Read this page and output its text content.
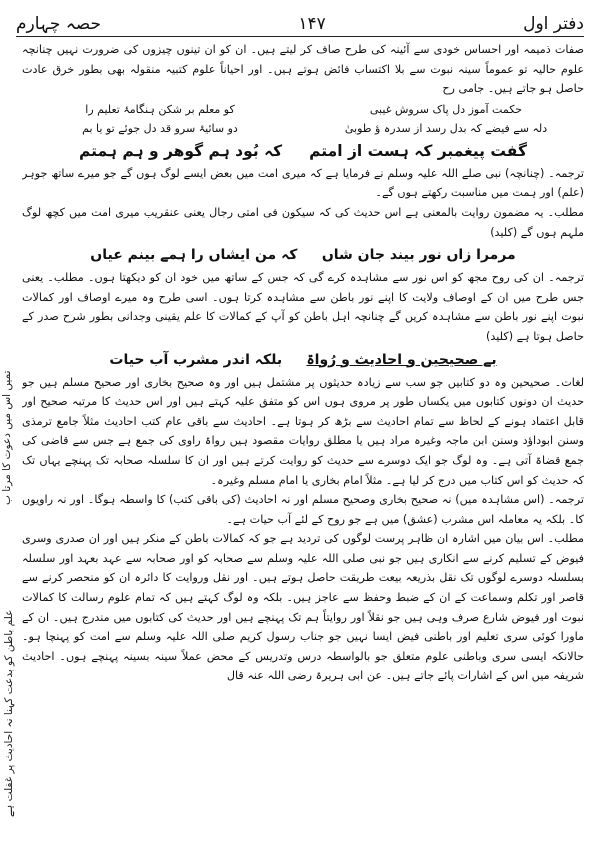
دفتر اول
۱۴۷
حصہ چہارم
تمیں اس میں دعوت کا مرتا ب
علم باطن کو بدعت کہنا نہ احادیث پر غفلت ہے

صفات ذمیمہ اور احساس خودی سے آئینہ کی طرح صاف کر لیتے ہیں۔ ان کو ان تینوں چیزوں کی ضرورت نہیں چنانچہ علوم حالیہ تو عموماً سینہ نبوت سے بلا اکتساب فائض ہوتے ہیں۔ اور احیاناً علوم کتبیہ منقولہ بھی بطور خرق عادت حاصل ہو جاتے ہیں۔ جامی رح

حکمت آموز دل پاک سروش غیبی
کو معلم بر شکن ہنگامۂ تعلیم را
دلہ سے فیضے کہ بدل رسد از سدرہ ؤ طوبیٰ
دو سائیۂ سرو قد دل جوئے تو یا بم
گفت پیغمبر کہ ہست از امتم     کہ بُود ہم گوھر و ہم ہمتم

ترجمہ۔ (چنانچہ) نبی صلے اللہ علیہ وسلم نے فرمایا ہے کہ میری امت میں بعض ایسے لوگ ہوں گے جو میرے ساتھ جوہر (علم) اور ہمت میں مناسبت رکھتے ہوں گے۔

مطلب۔ یہ مضمون روایت بالمعنی ہے اس حدیث کی کہ سیکون فی امتی رجال یعنی عنقریب میری امت میں کچھ لوگ ملہم ہوں گے (کلید)

مرمرا زاں نور بیند جان شاں     کہ من ایشاں را ہمے بینم عیاں

ترجمہ۔ ان کی روح مجھ کو اس نور سے مشاہدہ کرے گی کہ جس کے ساتھ میں خود ان کو دیکھتا ہوں۔ مطلب۔ یعنی جس طرح میں ان کے اوصاف ولایت کا اپنے نور باطن سے مشاہدہ کرتا ہوں۔ اسی طرح وہ میرے اوصاف اور کمالات نبوت اپنے نور باطن سے مشاہدہ کریں گے چنانچہ اہل باطن کو آپ کے کمالات کا علم یقینی وجدانی بطور شرح صدر کے حاصل ہوتا ہے (کلید)

بے صحیحین و احادیث و رُواۃ     بلکہ اندر مشرب آب حیات

لغات۔ صحیحین وہ دو کتابیں جو سب سے زیادہ حدیثوں پر مشتمل ہیں اور وہ صحیح بخاری اور صحیح مسلم ہیں جو حدیث ان دونوں کتابوں میں یکساں طور پر مروی ہوں اس کو متفق علیہ کہتے ہیں اور اس حدیث کا مرتبہ صحیح اور قابل اعتماد ہونے کے لحاظ سے تمام احادیث سے بڑھ کر ہوتا ہے۔ احادیث سے باقی عام کتب احادیث مثلاً جامع ترمذی وسنن ابوداؤد وسنن ابن ماجہ وغیرہ مراد ہیں یا مطلق روایات مقصود ہیں رواۃ راوی کی جمع ہے جس سے قاضی کی جمع قضاۃ آتی ہے۔ وہ لوگ جو ایک دوسرے سے حدیث کو روایت کرتے ہیں اور ان کا سلسلہ صحابہ تک پہنچے یہاں تک کہ حدیث کو اس کتاب میں درج کر لیا ہے۔ مثلاً امام بخاری یا امام مسلم وغیرہ۔

ترجمہ۔ (اس مشاہدہ میں) نہ صحیح بخاری وصحیح مسلم اور نہ احادیث (کی باقی کتب) کا واسطہ ہوگا۔ اور نہ راویوں کا۔ بلکہ یہ معاملہ اس مشرب (عشق) میں ہے جو روح کے لئے آب حیات ہے۔

مطلب۔ اس بیان میں اشارہ ان ظاہر پرست لوگوں کی تردید ہے جو کہ کمالات باطن کے منکر ہیں اور ان صدری وسری فیوض کے تسلیم کرنے سے انکاری ہیں جو نبی صلی اللہ علیہ وسلم سے صحابہ کو اور صحابہ سے عہد بعہد اور سلسلہ بسلسلہ دوسرے لوگوں تک نقل بذریعہ بیعت طریقت حاصل ہوتے ہیں۔ اور نقل وروایت کا دائرہ ان کو منحصر کرنے سے قاصر اور تکلم وسماعت کے ان کے ضبط وحفظ سے عاجز ہیں۔ بلکہ وہ لوگ کہتے ہیں کہ تمام علوم رسالت کا کمالات نبوت اور فیوض شارع صرف وہی ہیں جو نقلاً اور روایتاً ہم تک پہنچے ہیں اور حدیث کی کتابوں میں مندرج ہیں۔ ان کے ماورا کوئی سری تعلیم اور باطنی فیض ایسا نہیں جو جناب رسول کریم صلی اللہ علیہ وسلم سے امت کو پہنچا ہو۔ حالانکہ ایسی سری وباطنی علوم متعلق جو بالواسطہ درس وتدریس کے محض عملاً سینہ بسینہ پہنچے ہوں۔ احادیث شریفہ میں اس کے اشارات پائے جاتے ہیں۔ عن ابی ہریرۃ رضی اللہ عنہ قال
